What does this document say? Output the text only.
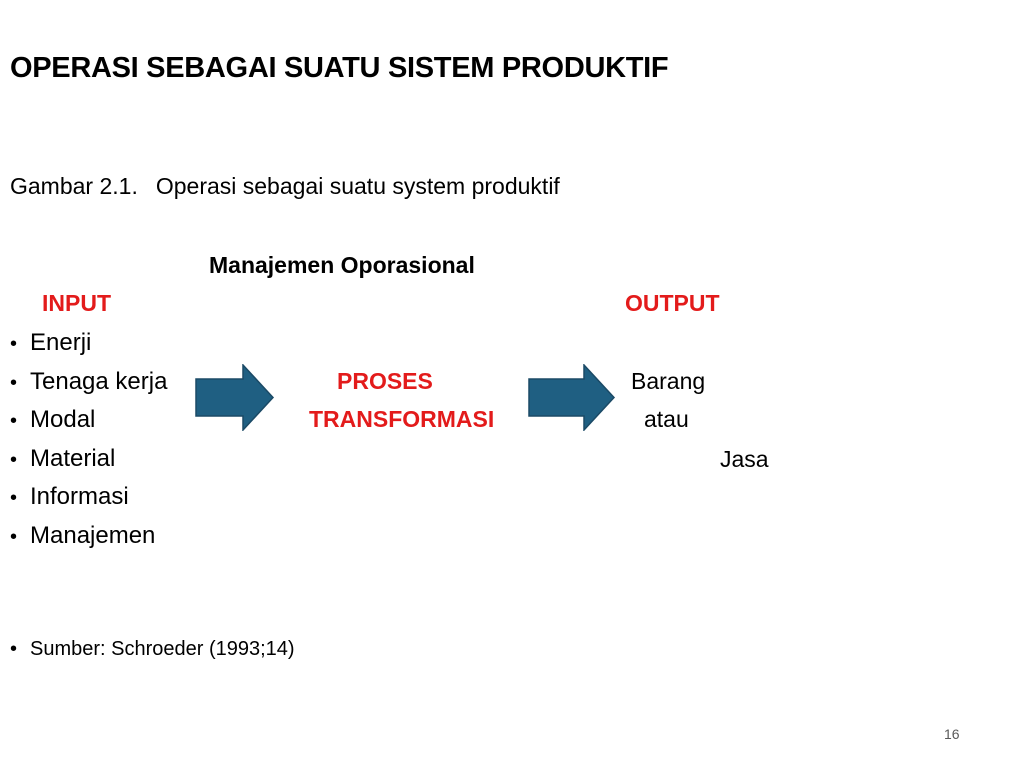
OPERASI SEBAGAI SUATU SISTEM PRODUKTIF
Gambar 2.1. Operasi sebagai suatu system produktif
Manajemen Oporasional
INPUT	OUTPUT
• Enerji
• Tenaga kerja
• Modal
• Material
• Informasi
• Manajemen
PROSES
TRANSFORMASI
Barang
atau
Jasa
• Sumber: Schroeder (1993;14)
16
